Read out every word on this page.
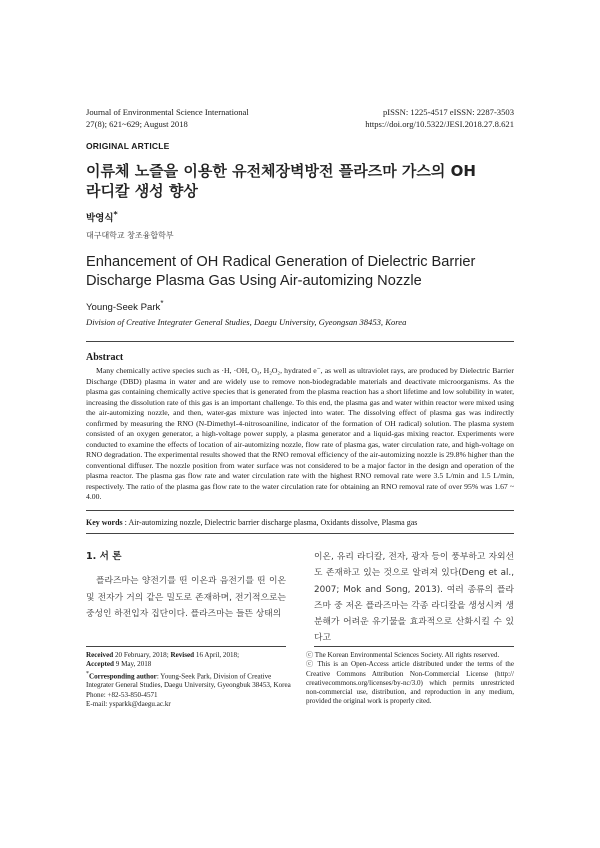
Journal of Environmental Science International
27(8); 621~629; August 2018
pISSN: 1225-4517 eISSN: 2287-3503
https://doi.org/10.5322/JESI.2018.27.8.621
ORIGINAL ARTICLE
이류체 노즐을 이용한 유전체장벽방전 플라즈마 가스의 OH
라디칼 생성 향상
박영식*
대구대학교 창조융합학부
Enhancement of OH Radical Generation of Dielectric Barrier
Discharge Plasma Gas Using Air-automizing Nozzle
Young-Seek Park*
Division of Creative Integrater General Studies, Daegu University, Gyeongsan 38453, Korea
Abstract
Many chemically active species such as ·H, ·OH, O₃, H₂O₂, hydrated e⁻, as well as ultraviolet rays, are produced by Dielectric Barrier Discharge (DBD) plasma in water and are widely use to remove non-biodegradable materials and deactivate microorganisms. As the plasma gas containing chemically active species that is generated from the plasma reaction has a short lifetime and low solubility in water, increasing the dissolution rate of this gas is an important challenge. To this end, the plasma gas and water within reactor were mixed using the air-automizing nozzle, and then, water-gas mixture was injected into water. The dissolving effect of plasma gas was indirectly confirmed by measuring the RNO (N-Dimethyl-4-nitrosoaniline, indicator of the formation of OH radical) solution. The plasma system consisted of an oxygen generator, a high-voltage power supply, a plasma generator and a liquid-gas mixing reactor. Experiments were conducted to examine the effects of location of air-automizing nozzle, flow rate of plasma gas, water circulation rate, and high-voltage on RNO degradation. The experimental results showed that the RNO removal efficiency of the air-automizing nozzle is 29.8% higher than the conventional diffuser. The nozzle position from water surface was not considered to be a major factor in the design and operation of the plasma reactor. The plasma gas flow rate and water circulation rate with the highest RNO removal rate were 3.5 L/min and 1.5 L/min, respectively. The ratio of the plasma gas flow rate to the water circulation rate for obtaining an RNO removal rate of over 95% was 1.67 ~ 4.00.
Key words : Air-automizing nozzle, Dielectric barrier discharge plasma, Oxidants dissolve, Plasma gas
1. 서 론
플라즈마는 양전기를 띤 이온과 음전기를 띤 이온 및 전자가 거의 같은 밀도로 존재하며, 전기적으로는 중성인 하전입자 집단이다. 플라즈마는 들뜬 상태의
이온, 유리 라디칼, 전자, 광자 등이 풍부하고 자외선도 존재하고 있는 것으로 알려져 있다(Deng et al., 2007; Mok and Song, 2013). 여러 종류의 플라즈마 중 저온 플라즈마는 각종 라디칼을 생성시켜 생분해가 어려운 유기물을 효과적으로 산화시킬 수 있다고
Received 20 February, 2018; Revised 16 April, 2018;
Accepted 9 May, 2018
*Corresponding author: Young-Seek Park, Division of Creative Integrater General Studies, Daegu University, Gyeongbuk 38453, Korea
Phone: +82-53-850-4571
E-mail: ysparkk@daegu.ac.kr
ⓒ The Korean Environmental Sciences Society. All rights reserved.
ⓒ This is an Open-Access article distributed under the terms of the Creative Commons Attribution Non-Commercial License (http:// creativecommons.org/licenses/by-nc/3.0) which permits unrestricted non-commercial use, distribution, and reproduction in any medium, provided the original work is properly cited.
